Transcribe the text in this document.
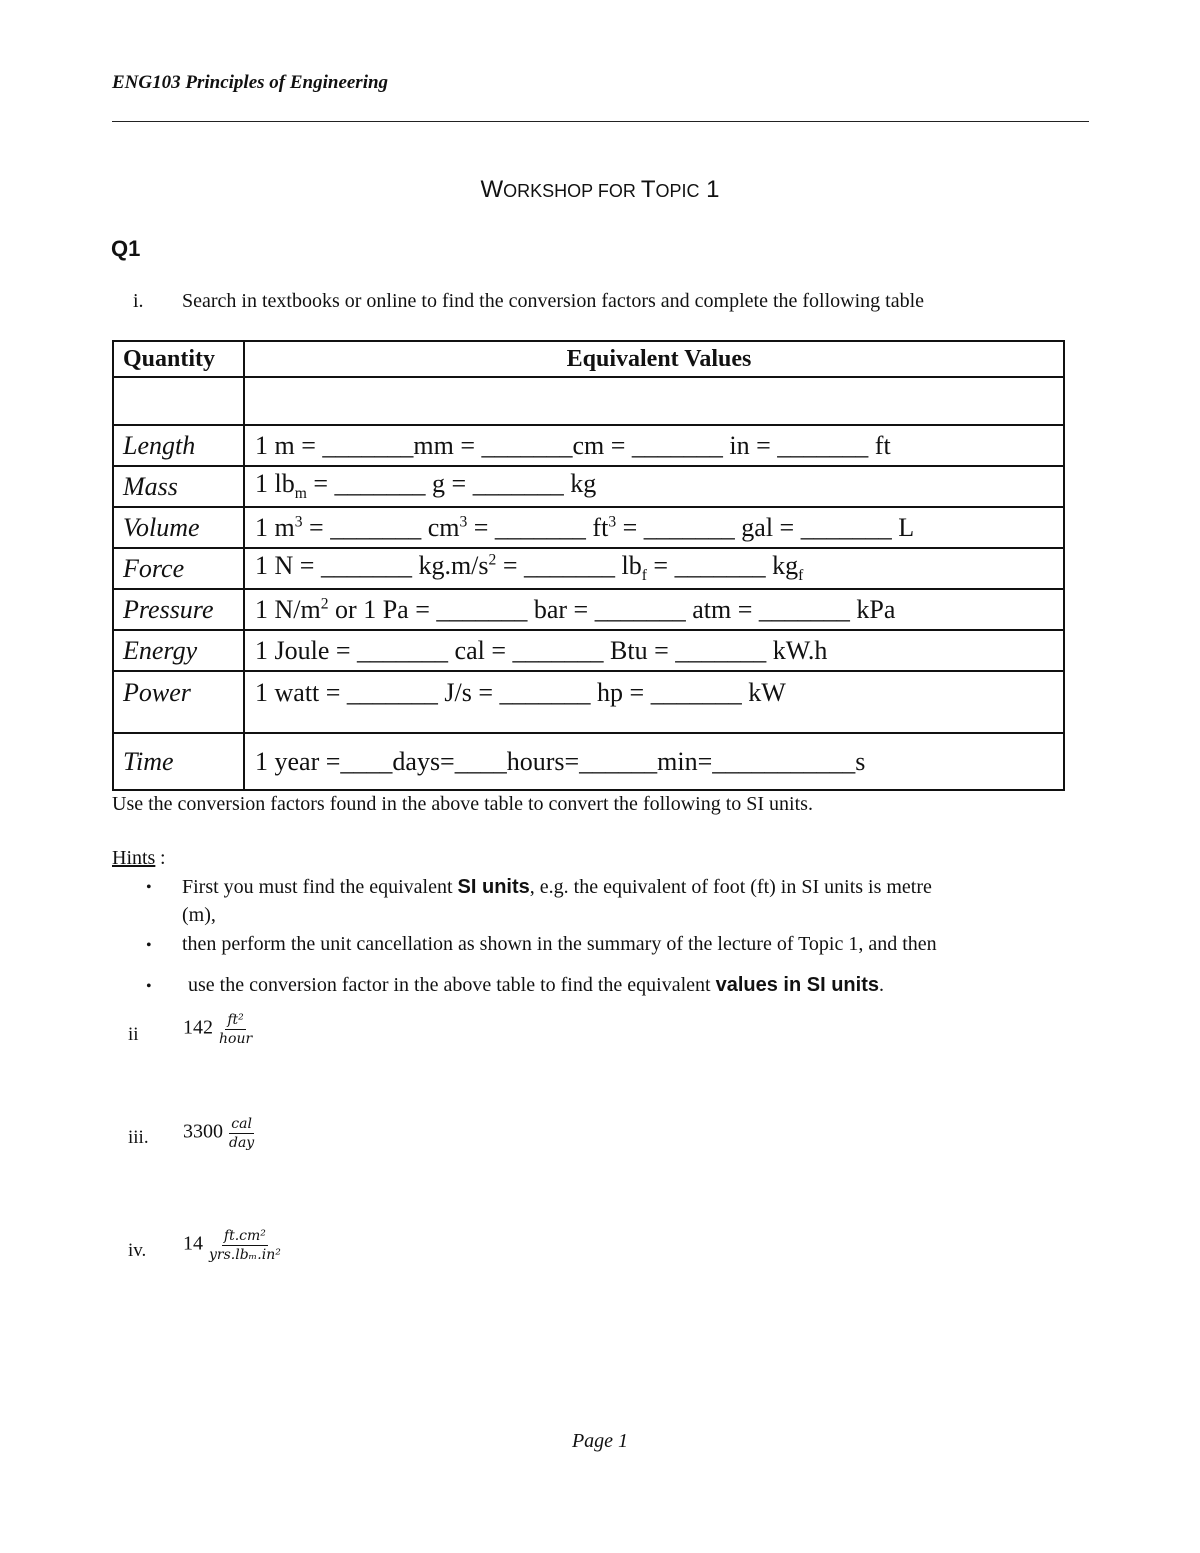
ENG103 Principles of Engineering
WORKSHOP FOR TOPIC 1
Q1
i. Search in textbooks or online to find the conversion factors and complete the following table
Quantity	Equivalent Values

Length	1 m = _______mm = _______cm = _______ in = _______ ft
Mass	1 $lb_m$ = _______ g = _______ kg
Volume	1 $m^3$ = _______ $cm^3$ = _______ $ft^3$ = _______ gal = _______ L
Force	1 N = _______ $kg.m/s^2$ = _______ $lb_f$ = _______ $kg_f$
Pressure	1 $N/m^2$ or 1 Pa = _______ bar = _______ atm = _______ kPa
Energy	1 Joule = _______ cal = _______ Btu = _______ kW.h
Power	1 watt = _______ J/s = _______ hp = _______ kW
Time	1 year =____days=____hours=______min=___________s
Use the conversion factors found in the above table to convert the following to SI units.
Hints :
• First you must find the equivalent SI units, e.g. the equivalent of foot (ft) in SI units is metre
(m),
• then perform the unit cancellation as shown in the summary of the lecture of Topic 1, and then
• use the conversion factor in the above table to find the equivalent values in SI units.
ii $142 \frac{\text{ft²}}{\text{hour}}$
iii. $3300 \frac{\text{cal}}{\text{day}}$
iv. $14 \frac{\text{ft.cm²}}{\text{yrs.lbₘ.in²}}$
Page 1
